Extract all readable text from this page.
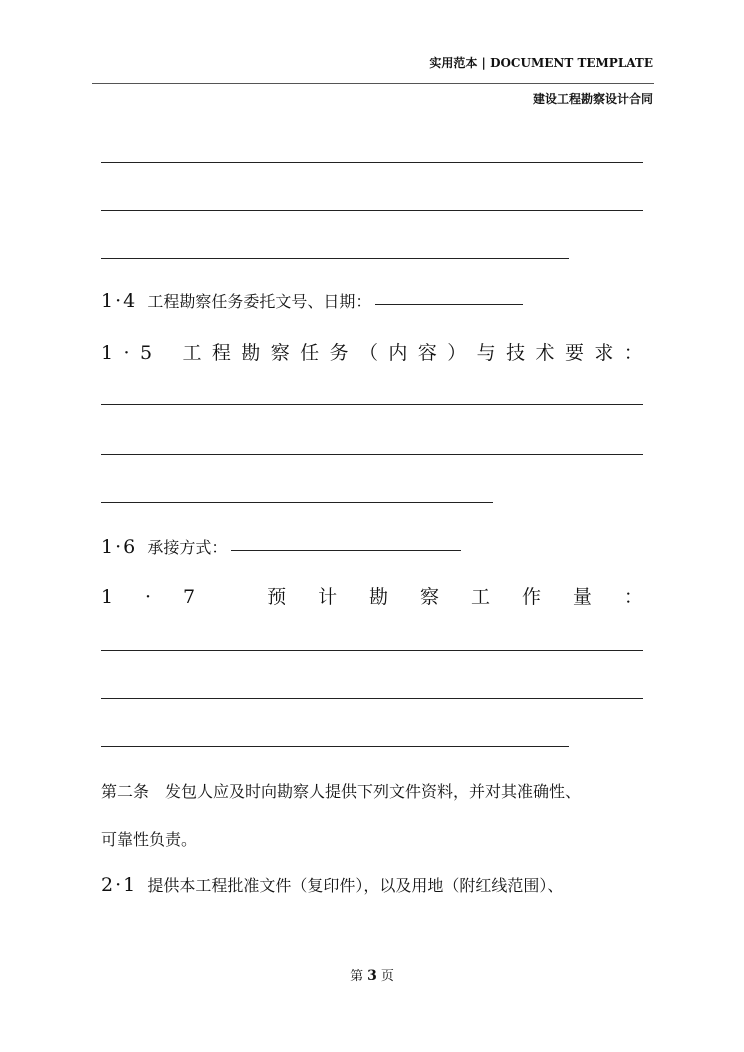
实用范本 | DOCUMENT TEMPLATE
建设工程勘察设计合同
1·4 工程勘察任务委托文号、日期：
1 · 5 工 程 勘 察 任 务 （ 内 容 ） 与 技 术 要 求 ：
1·6 承接方式：
1 · 7	预 计 勘 察 工 作 量 ：
第二条　发包人应及时向勘察人提供下列文件资料，并对其准确性、
可靠性负责。
2·1 提供本工程批准文件（复印件），以及用地（附红线范围）、
第 3 页
